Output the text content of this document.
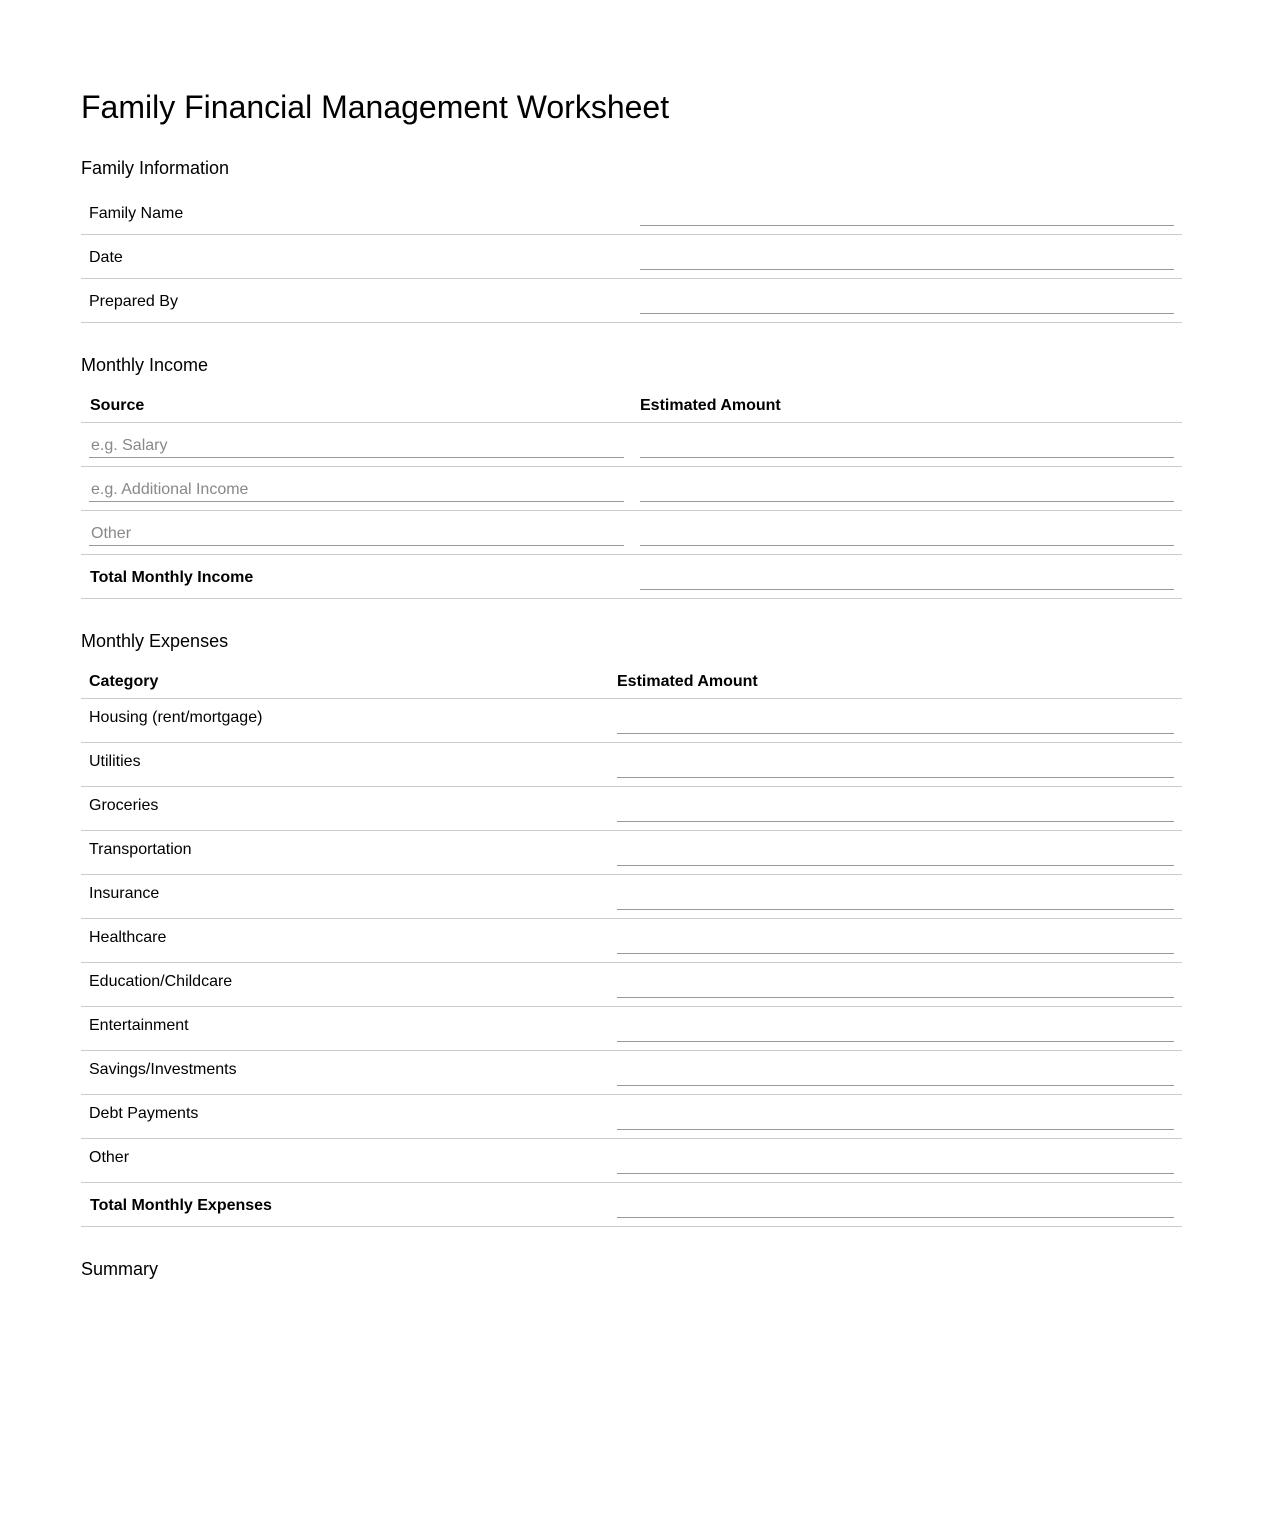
Family Financial Management Worksheet
Family Information
Family Name
Date
Prepared By
Monthly Income
Source	Estimated Amount
e.g. Salary
e.g. Additional Income
Other
Total Monthly Income
Monthly Expenses
Category	Estimated Amount
Housing (rent/mortgage)
Utilities
Groceries
Transportation
Insurance
Healthcare
Education/Childcare
Entertainment
Savings/Investments
Debt Payments
Other
Total Monthly Expenses
Summary
